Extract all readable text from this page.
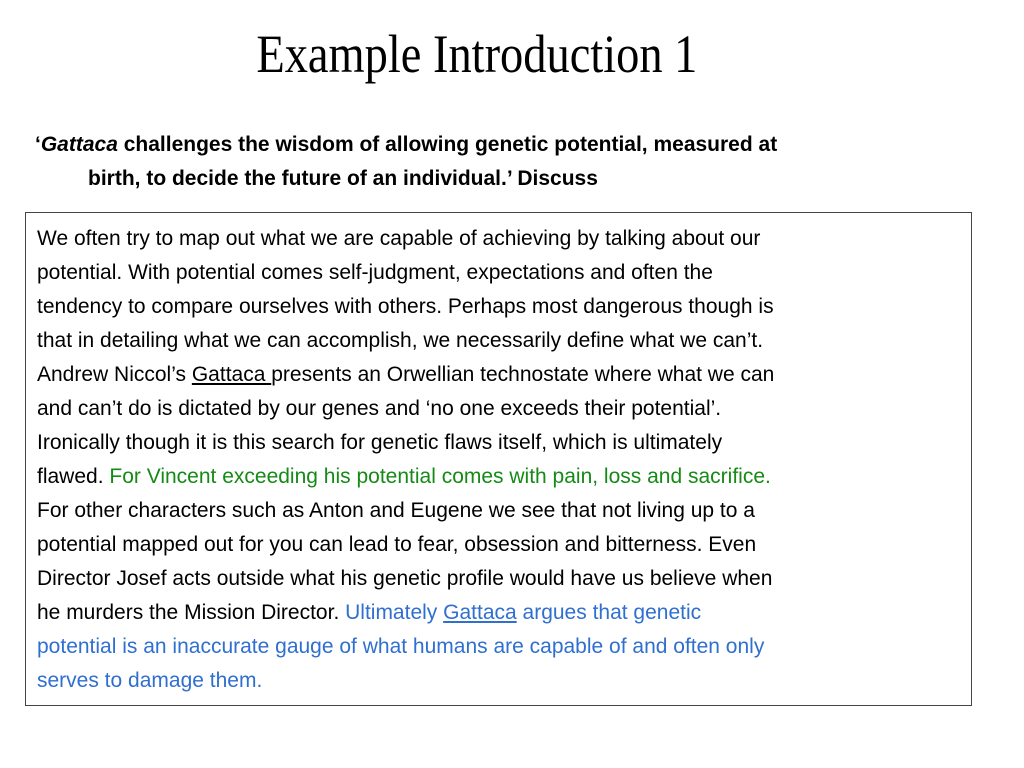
Example Introduction 1
‘Gattaca challenges the wisdom of allowing genetic potential, measured at
birth, to decide the future of an individual.’ Discuss
We often try to map out what we are capable of achieving by talking about our
potential. With potential comes self-judgment, expectations and often the
tendency to compare ourselves with others. Perhaps most dangerous though is
that in detailing what we can accomplish, we necessarily define what we can’t.
Andrew Niccol’s Gattaca presents an Orwellian technostate where what we can
and can’t do is dictated by our genes and ‘no one exceeds their potential’.
Ironically though it is this search for genetic flaws itself, which is ultimately
flawed. For Vincent exceeding his potential comes with pain, loss and sacrifice.
For other characters such as Anton and Eugene we see that not living up to a
potential mapped out for you can lead to fear, obsession and bitterness. Even
Director Josef acts outside what his genetic profile would have us believe when
he murders the Mission Director. Ultimately Gattaca argues that genetic
potential is an inaccurate gauge of what humans are capable of and often only
serves to damage them.
